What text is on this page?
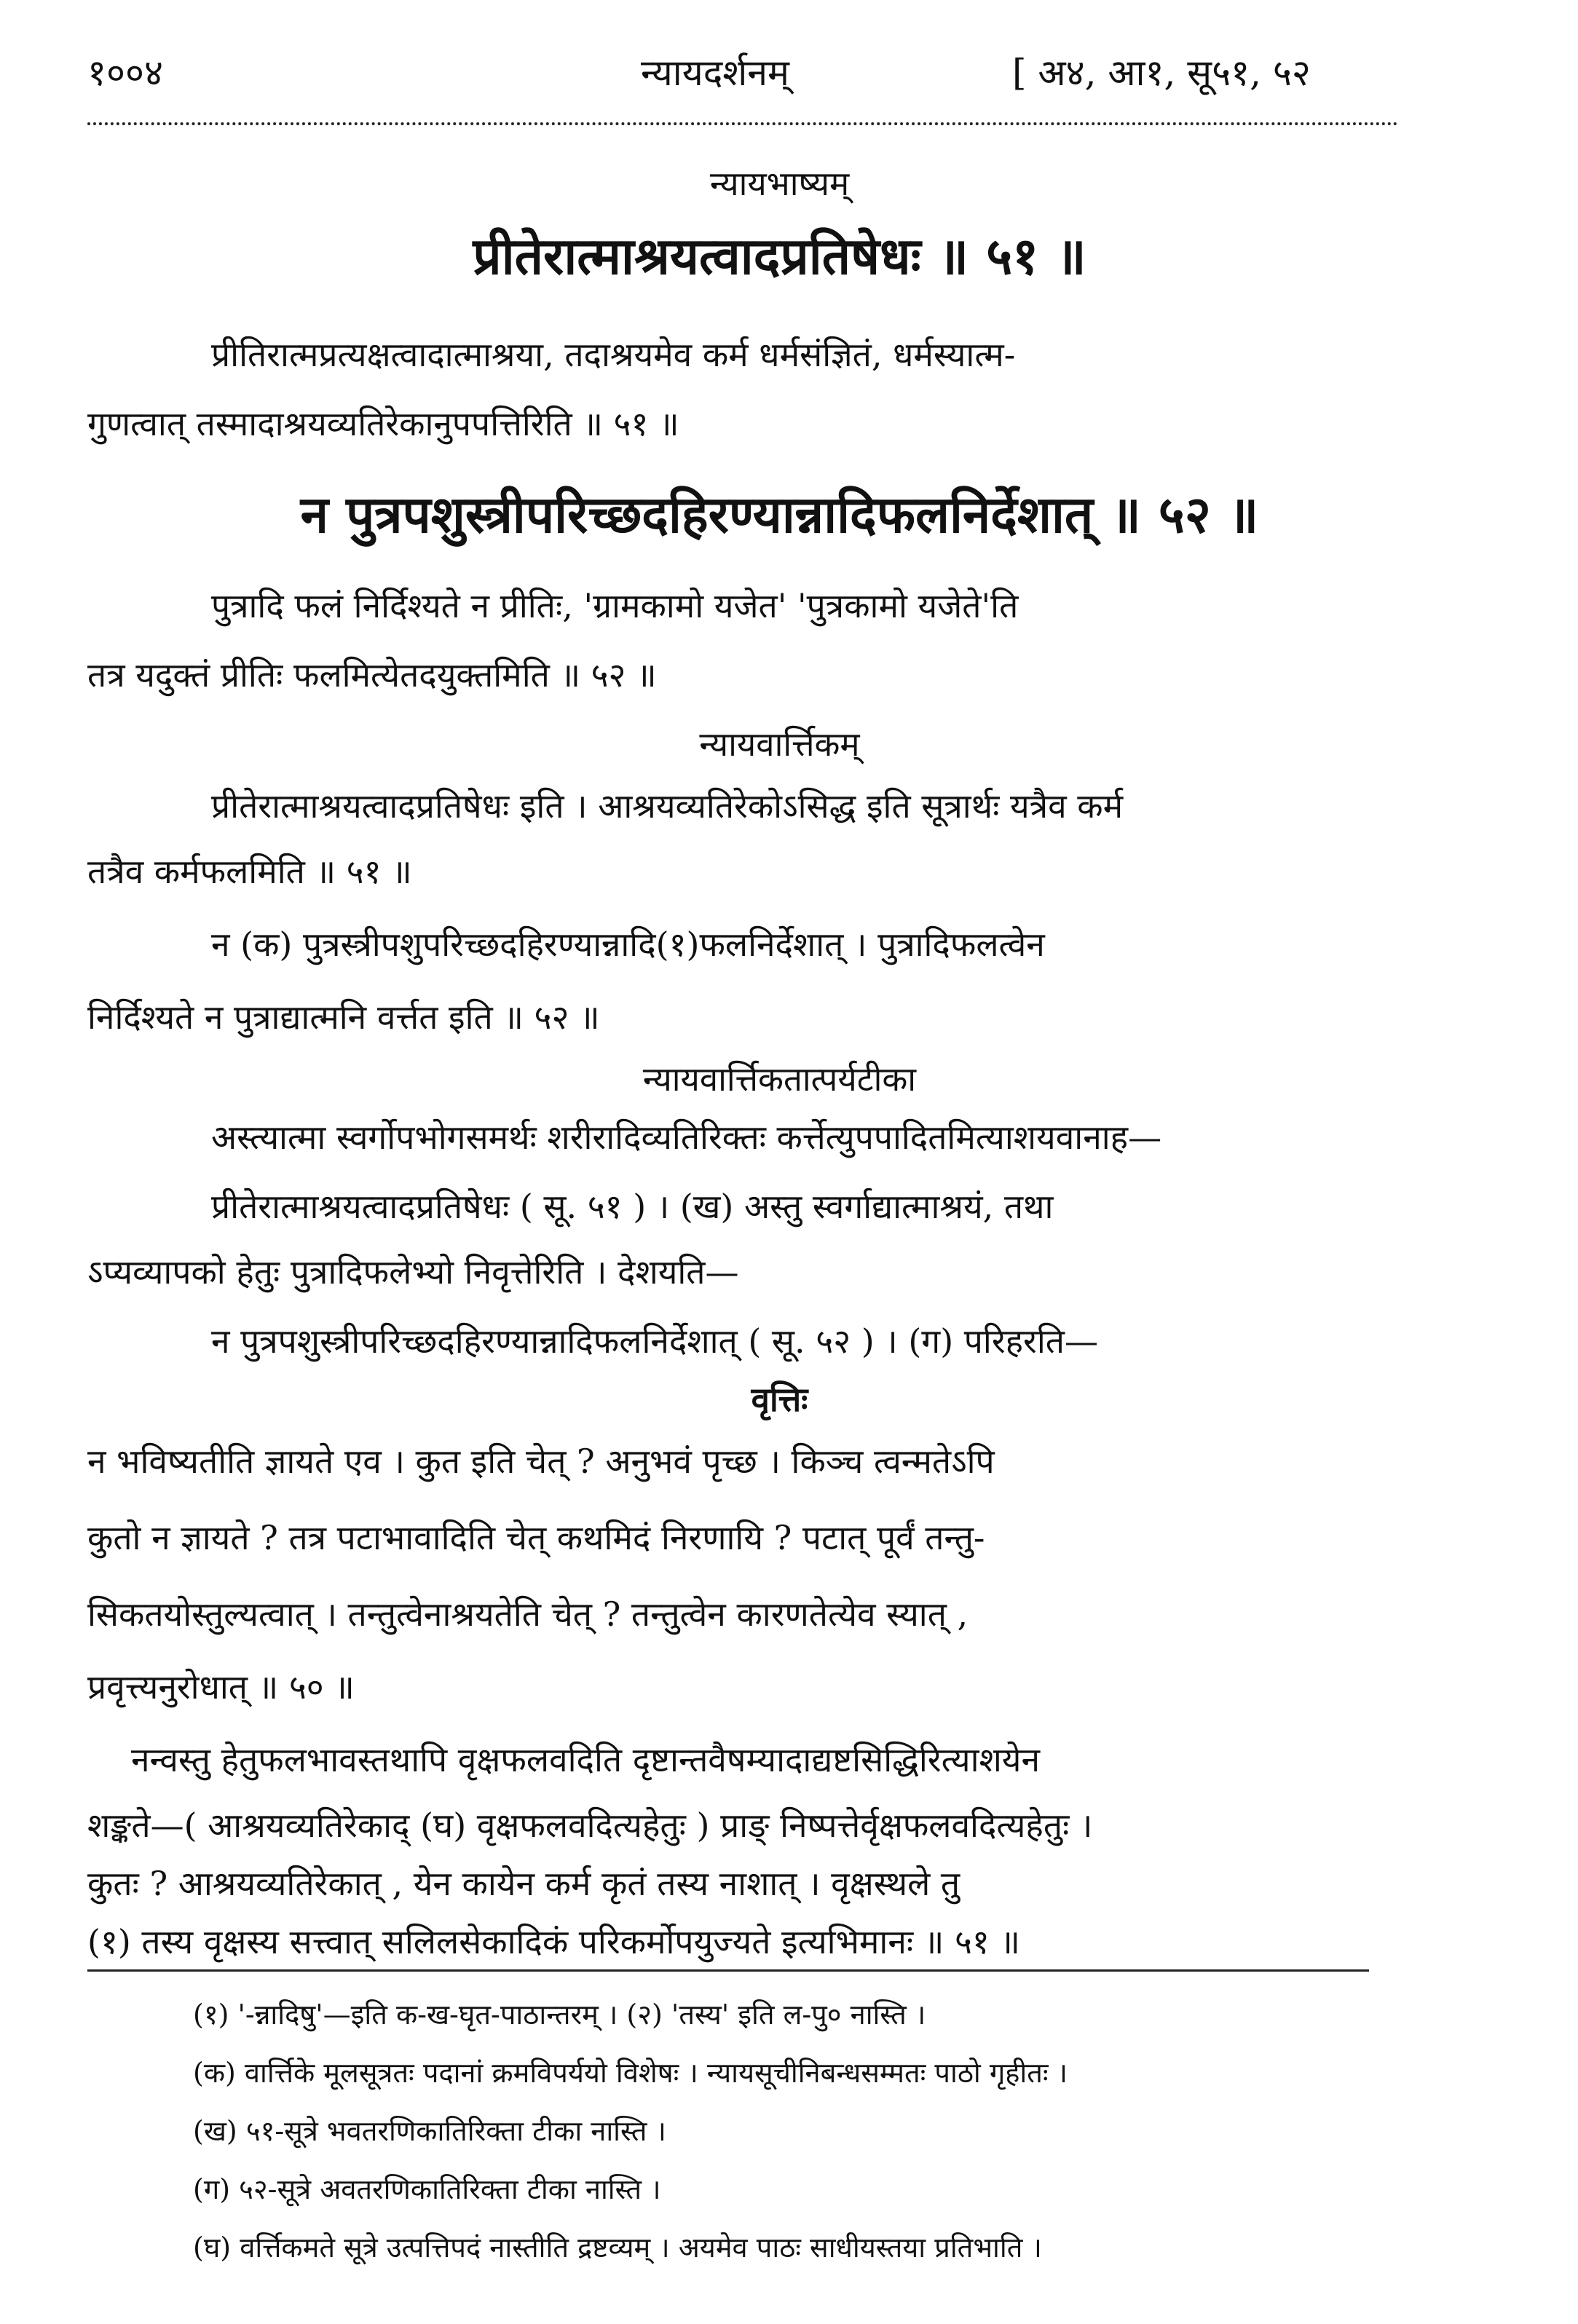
१००४	न्यायदर्शनम्	[ अ४, आ१, सू५१, ५२
न्यायभाष्यम्
प्रीतेरात्माश्रयत्वादप्रतिषेधः ॥ ५१ ॥
प्रीतिरात्मप्रत्यक्षत्वादात्माश्रया, तदाश्रयमेव कर्म धर्मसंज्ञितं, धर्मस्यात्म-
गुणत्वात् तस्मादाश्रयव्यतिरेकानुपपत्तिरिति ॥ ५१ ॥
न पुत्रपशुस्त्रीपरिच्छदहिरण्यान्नादिफलनिर्देशात् ॥ ५२ ॥
पुत्रादि फलं निर्दिश्यते न प्रीतिः, 'ग्रामकामो यजेत' 'पुत्रकामो यजेते'ति
तत्र यदुक्तं प्रीतिः फलमित्येतदयुक्तमिति ॥ ५२ ॥
न्यायवार्त्तिकम्
प्रीतेरात्माश्रयत्वादप्रतिषेधः इति । आश्रयव्यतिरेकोऽसिद्ध इति सूत्रार्थः यत्रैव कर्म
तत्रैव कर्मफलमिति ॥ ५१ ॥
न (क) पुत्रस्त्रीपशुपरिच्छदहिरण्यान्नादि(१)फलनिर्देशात् । पुत्रादिफलत्वेन
निर्दिश्यते न पुत्राद्यात्मनि वर्त्तत इति ॥ ५२ ॥
न्यायवार्त्तिकतात्पर्यटीका
अस्त्यात्मा स्वर्गोपभोगसमर्थः शरीरादिव्यतिरिक्तः कर्त्तेत्युपपादितमित्याशयवानाह—
प्रीतेरात्माश्रयत्वादप्रतिषेधः ( सू. ५१ ) । (ख) अस्तु स्वर्गाद्यात्माश्रयं, तथा
ऽप्यव्यापको हेतुः पुत्रादिफलेभ्यो निवृत्तेरिति । देशयति—
न पुत्रपशुस्त्रीपरिच्छदहिरण्यान्नादिफलनिर्देशात् ( सू. ५२ ) । (ग) परिहरति—
वृत्तिः
न भविष्यतीति ज्ञायते एव । कुत इति चेत् ? अनुभवं पृच्छ । किञ्च त्वन्मतेऽपि
कुतो न ज्ञायते ? तत्र पटाभावादिति चेत् कथमिदं निरणायि ? पटात् पूर्वं तन्तु-
सिकतयोस्तुल्यत्वात् । तन्तुत्वेनाश्रयतेति चेत् ? तन्तुत्वेन कारणतेत्येव स्यात् ,
प्रवृत्त्यनुरोधात् ॥ ५० ॥
नन्वस्तु हेतुफलभावस्तथापि वृक्षफलवदिति दृष्टान्तवैषम्यादाद्यष्टसिद्धिरित्याशयेन
शङ्कते—( आश्रयव्यतिरेकाद् (घ) वृक्षफलवदित्यहेतुः ) प्राङ् निष्पत्तेर्वृक्षफलवदित्यहेतुः ।
कुतः ? आश्रयव्यतिरेकात् , येन कायेन कर्म कृतं तस्य नाशात् । वृक्षस्थले तु
(१) '-न्नादिषु'—इति क-ख-घृत-पाठान्तरम् । (२) 'तस्य' इति ल-पु० नास्ति ।
(क) वार्त्तिके मूलसूत्रतः पदानां क्रमविपर्ययो विशेषः । न्यायसूचीनिबन्धसम्मतः पाठो गृहीतः ।
(ख) ५१-सूत्रे भवतरणिकातिरिक्ता टीका नास्ति ।
(ग) ५२-सूत्रे अवतरणिकातिरिक्ता टीका नास्ति ।
(घ) वर्त्तिकमते सूत्रे उत्पत्तिपदं नास्तीति द्रष्टव्यम् । अयमेव पाठः साधीयस्तया प्रतिभाति ।
(१) तस्य वृक्षस्य सत्त्वात् सलिलसेकादिकं परिकर्मोपयुज्यते इत्यभिमानः ॥ ५१ ॥
